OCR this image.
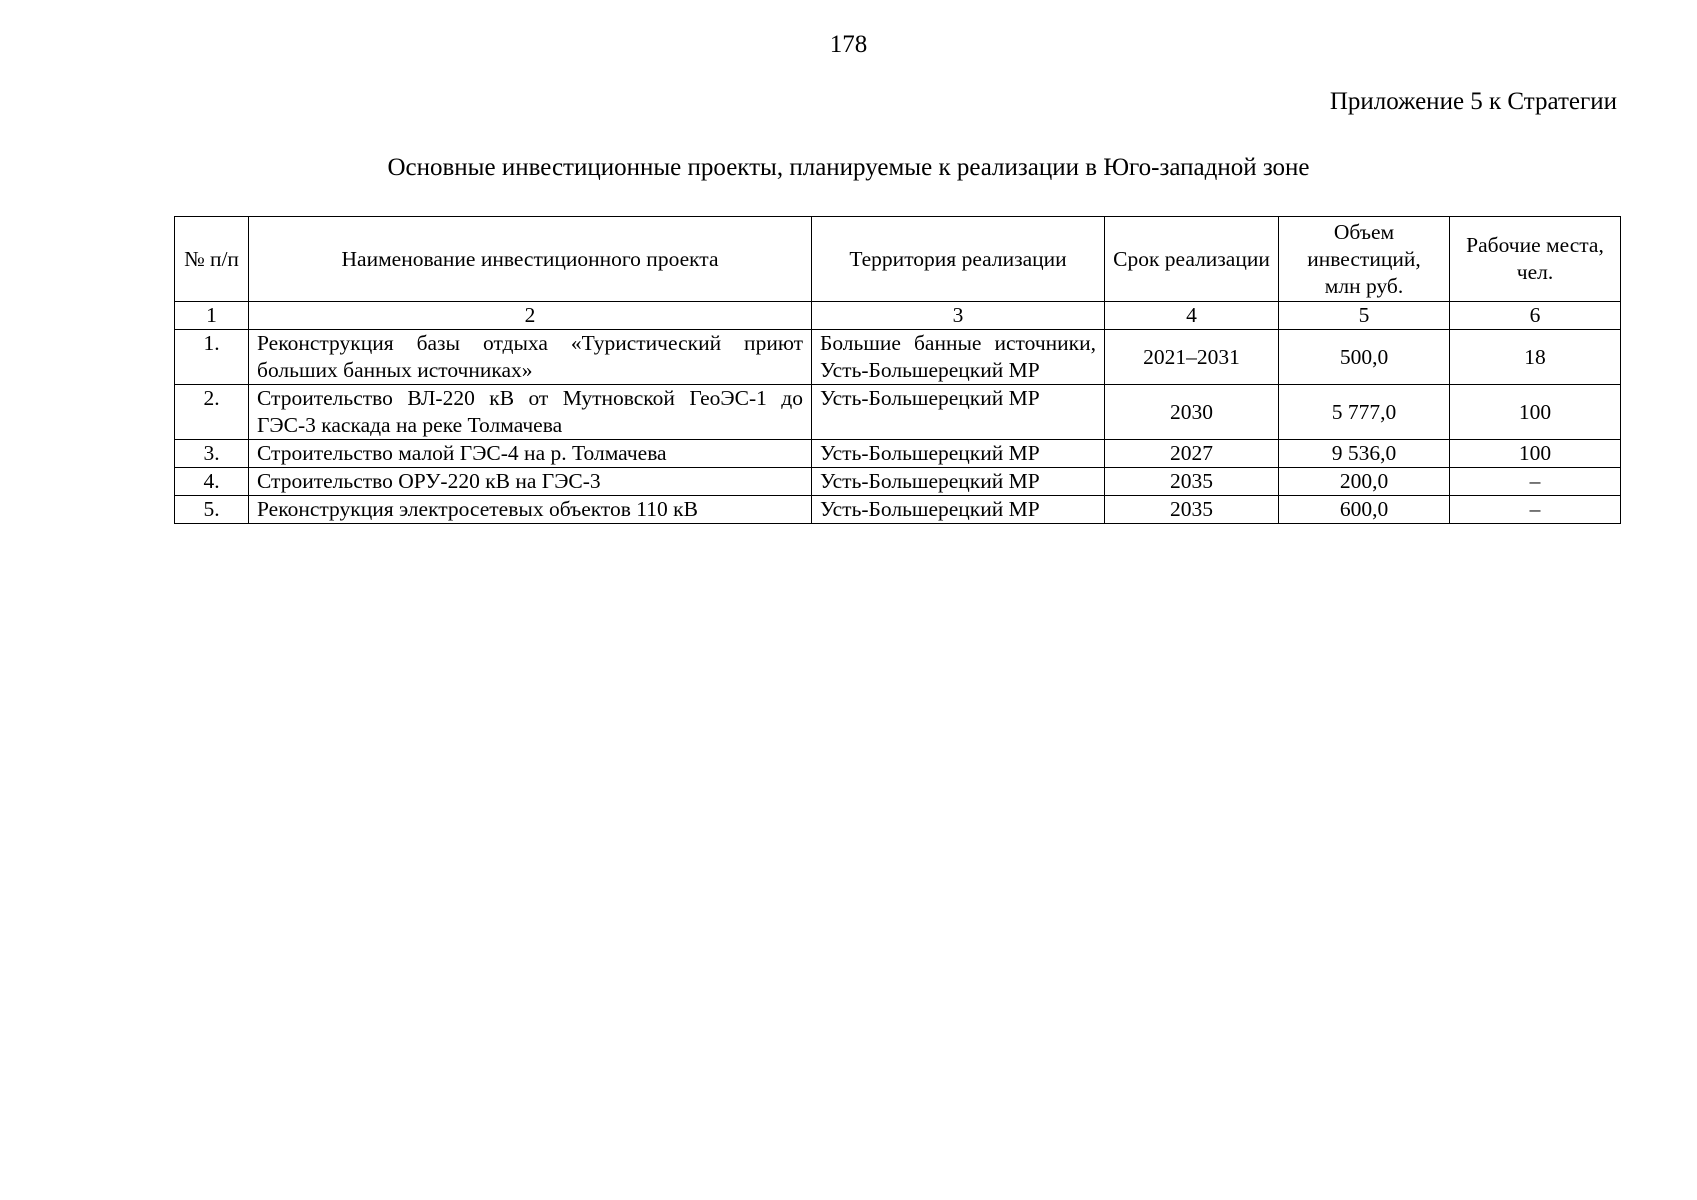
178
Приложение 5 к Стратегии
Основные инвестиционные проекты, планируемые к реализации в Юго-западной зоне
№ п/п	Наименование инвестиционного проекта	Территория реализации	Срок реализации	Объем инвестиций, млн руб.	Рабочие места, чел.
1	2	3	4	5	6
1.	Реконструкция базы отдыха «Туристический приют больших банных источниках»	Большие банные источники, Усть-Большерецкий МР	2021–2031	500,0	18
2.	Строительство ВЛ-220 кВ от Мутновской ГеоЭС-1 до ГЭС-3 каскада на реке Толмачева	Усть-Большерецкий МР	2030	5 777,0	100
3.	Строительство малой ГЭС-4 на р. Толмачева	Усть-Большерецкий МР	2027	9 536,0	100
4.	Строительство ОРУ-220 кВ на ГЭС-3	Усть-Большерецкий МР	2035	200,0	–
5.	Реконструкция электросетевых объектов 110 кВ	Усть-Большерецкий МР	2035	600,0	–
